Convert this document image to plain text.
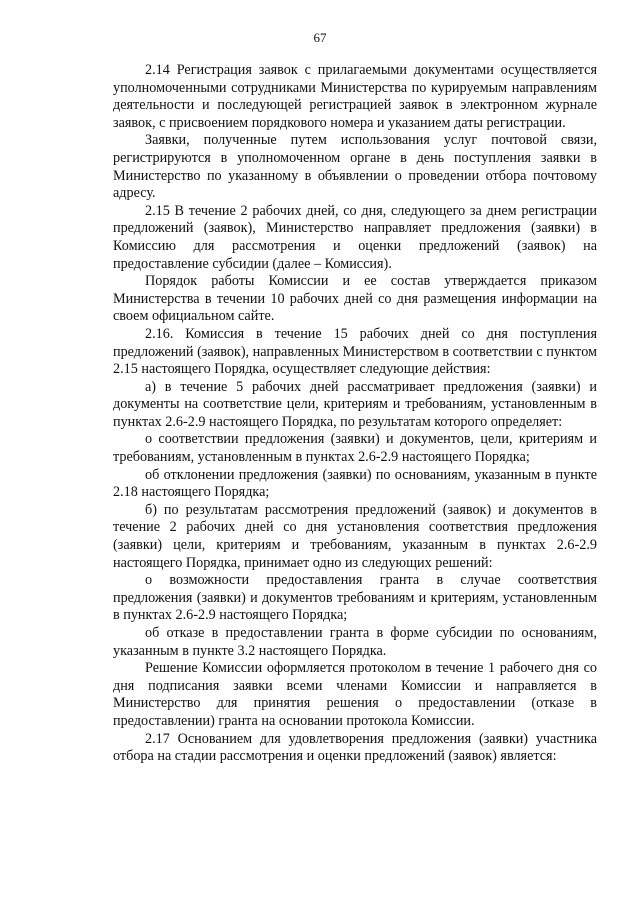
67

2.14 Регистрация заявок с прилагаемыми документами осуществляется уполномоченными сотрудниками Министерства по курируемым направлениям деятельности и последующей регистрацией заявок в электронном журнале заявок, с присвоением порядкового номера и указанием даты регистрации.

Заявки, полученные путем использования услуг почтовой связи, регистрируются в уполномоченном органе в день поступления заявки в Министерство по указанному в объявлении о проведении отбора почтовому адресу.

2.15 В течение 2 рабочих дней, со дня, следующего за днем регистрации предложений (заявок), Министерство направляет предложения (заявки) в Комиссию для рассмотрения и оценки предложений (заявок) на предоставление субсидии (далее – Комиссия).

Порядок работы Комиссии и ее состав утверждается приказом Министерства в течении 10 рабочих дней со дня размещения информации на своем официальном сайте.

2.16. Комиссия в течение 15 рабочих дней со дня поступления предложений (заявок), направленных Министерством в соответствии с пунктом 2.15 настоящего Порядка, осуществляет следующие действия:

а) в течение 5 рабочих дней рассматривает предложения (заявки) и документы на соответствие цели, критериям и требованиям, установленным в пунктах 2.6-2.9 настоящего Порядка, по результатам которого определяет:

о соответствии предложения (заявки) и документов, цели, критериям и требованиям, установленным в пунктах 2.6-2.9 настоящего Порядка;

об отклонении предложения (заявки) по основаниям, указанным в пункте 2.18 настоящего Порядка;

б) по результатам рассмотрения предложений (заявок) и документов в течение 2 рабочих дней со дня установления соответствия предложения (заявки) цели, критериям и требованиям, указанным в пунктах 2.6-2.9 настоящего Порядка, принимает одно из следующих решений:

о возможности предоставления гранта в случае соответствия предложения (заявки) и документов требованиям и критериям, установленным в пунктах 2.6-2.9 настоящего Порядка;

об отказе в предоставлении гранта в форме субсидии по основаниям, указанным в пункте 3.2 настоящего Порядка.

Решение Комиссии оформляется протоколом в течение 1 рабочего дня со дня подписания заявки всеми членами Комиссии и направляется в Министерство для принятия решения о предоставлении (отказе в предоставлении) гранта на основании протокола Комиссии.

2.17 Основанием для удовлетворения предложения (заявки) участника отбора на стадии рассмотрения и оценки предложений (заявок) является:
